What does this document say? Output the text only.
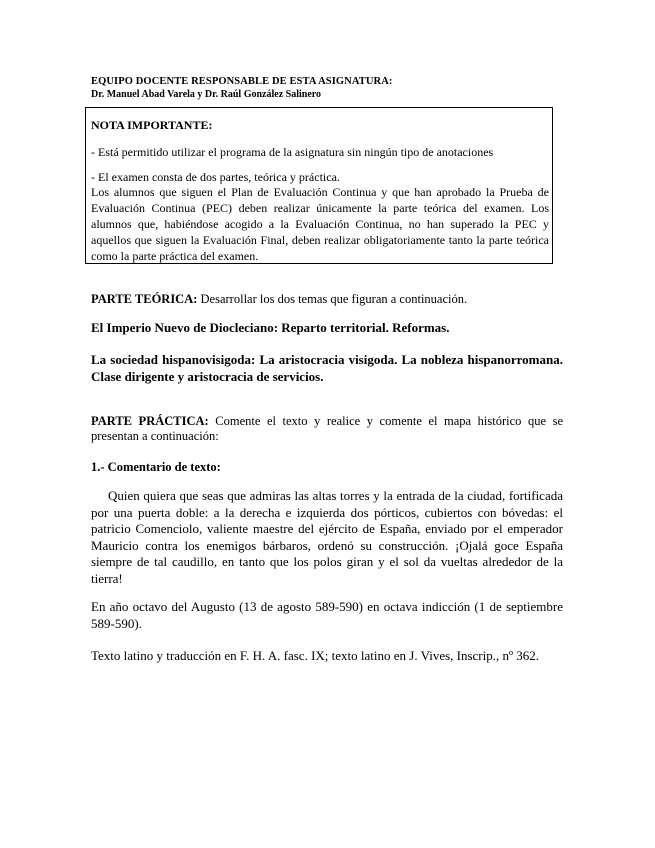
EQUIPO DOCENTE RESPONSABLE DE ESTA ASIGNATURA:
Dr. Manuel Abad Varela y Dr. Raúl González Salinero
NOTA IMPORTANTE:
- Está permitido utilizar el programa de la asignatura sin ningún tipo de anotaciones
- El examen consta de dos partes, teórica y práctica.
Los alumnos que siguen el Plan de Evaluación Continua y que han aprobado la Prueba de Evaluación Continua (PEC) deben realizar únicamente la parte teórica del examen. Los alumnos que, habiéndose acogido a la Evaluación Continua, no han superado la PEC y aquellos que siguen la Evaluación Final, deben realizar obligatoriamente tanto la parte teórica como la parte práctica del examen.
PARTE TEÓRICA: Desarrollar los dos temas que figuran a continuación.
El Imperio Nuevo de Diocleciano: Reparto territorial. Reformas.
La sociedad hispanovisigoda: La aristocracia visigoda. La nobleza hispanorromana. Clase dirigente y aristocracia de servicios.
PARTE PRÁCTICA: Comente el texto y realice y comente el mapa histórico que se presentan a continuación:
1.- Comentario de texto:
Quien quiera que seas que admiras las altas torres y la entrada de la ciudad, fortificada por una puerta doble: a la derecha e izquierda dos pórticos, cubiertos con bóvedas: el patricio Comenciolo, valiente maestre del ejército de España, enviado por el emperador Mauricio contra los enemigos bárbaros, ordenó su construcción. ¡Ojalá goce España siempre de tal caudillo, en tanto que los polos giran y el sol da vueltas alrededor de la tierra!
En año octavo del Augusto (13 de agosto 589-590) en octava indicción (1 de septiembre 589-590).
Texto latino y traducción en F. H. A. fasc. IX; texto latino en J. Vives, Inscrip., nº 362.
